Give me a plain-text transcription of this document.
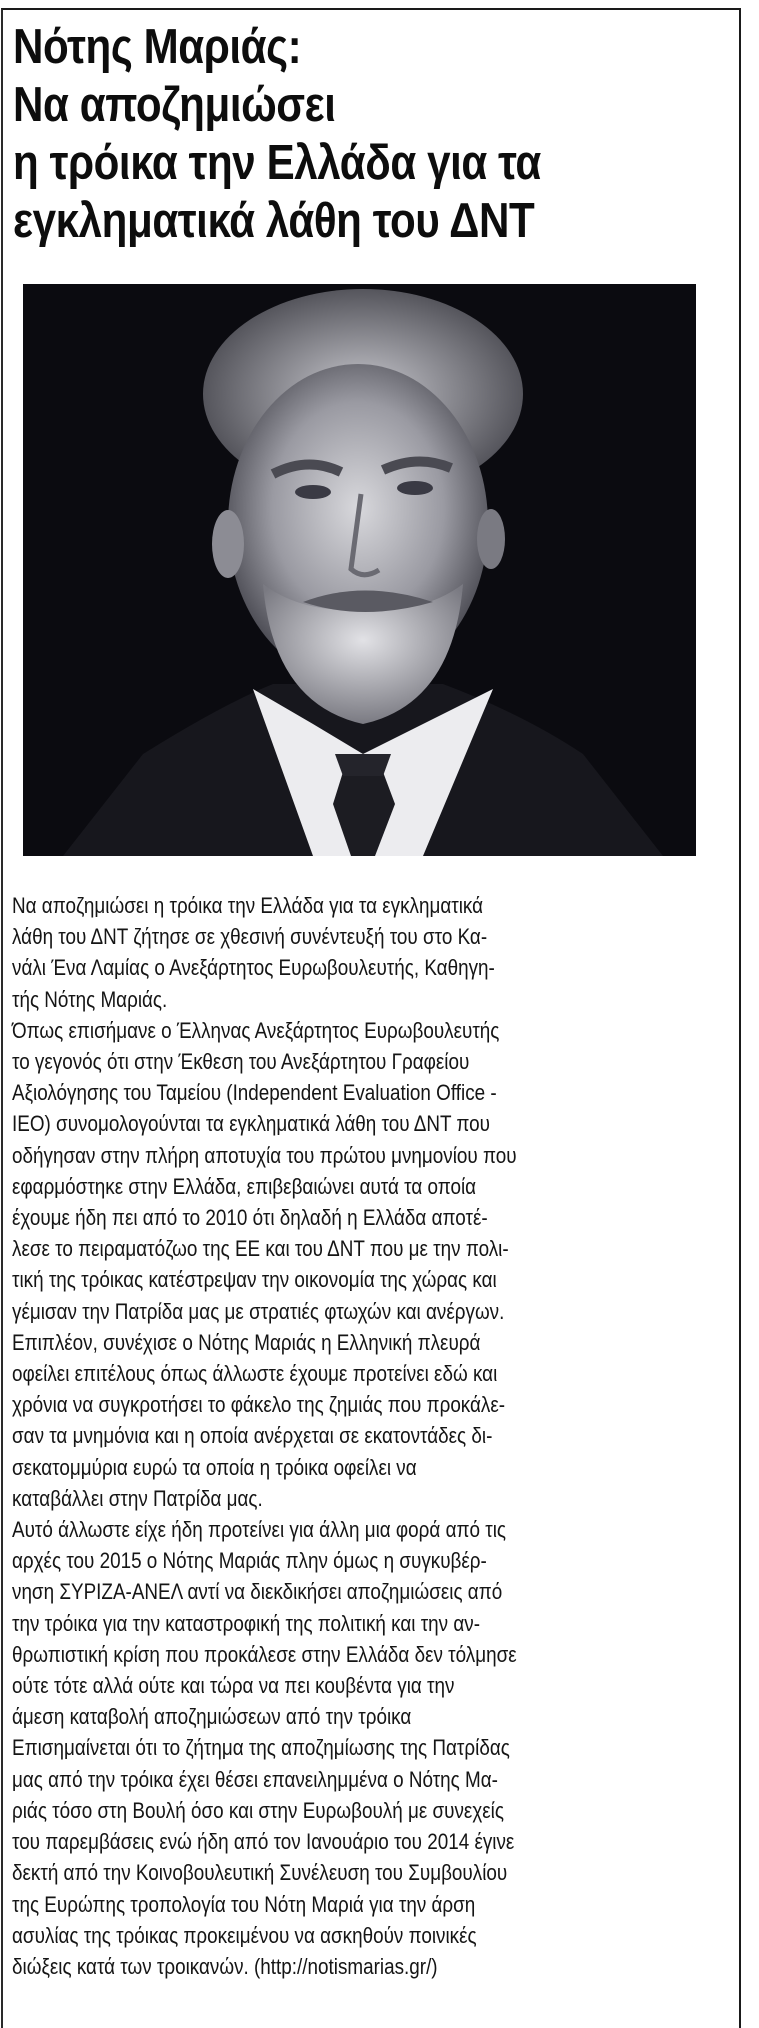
Νότης Μαριάς:
Να αποζημιώσει
η τρόικα την Ελλάδα για τα
εγκληματικά λάθη του ΔΝΤ
Να αποζημιώσει η τρόικα την Ελλάδα για τα εγκληματικά
λάθη του ΔΝΤ ζήτησε σε χθεσινή συνέντευξή του στο Κα-
νάλι Ένα Λαμίας ο Ανεξάρτητος Ευρωβουλευτής, Καθηγη-
τής Νότης Μαριάς.
Όπως επισήμανε ο Έλληνας Ανεξάρτητος Ευρωβουλευτής
το γεγονός ότι στην Έκθεση του Ανεξάρτητου Γραφείου
Αξιολόγησης του Ταμείου (Independent Evaluation Office -
IEO) συνομολογούνται τα εγκληματικά λάθη του ΔΝΤ που
οδήγησαν στην πλήρη αποτυχία του πρώτου μνημονίου που
εφαρμόστηκε στην Ελλάδα, επιβεβαιώνει αυτά τα οποία
έχουμε ήδη πει από το 2010 ότι δηλαδή η Ελλάδα αποτέ-
λεσε το πειραματόζωο της ΕΕ και του ΔΝΤ που με την πολι-
τική της τρόικας κατέστρεψαν την οικονομία της χώρας και
γέμισαν την Πατρίδα μας με στρατιές φτωχών και ανέργων.
Επιπλέον, συνέχισε ο Νότης Μαριάς η Ελληνική πλευρά
οφείλει επιτέλους όπως άλλωστε έχουμε προτείνει εδώ και
χρόνια να συγκροτήσει το φάκελο της ζημιάς που προκάλε-
σαν τα μνημόνια και η οποία ανέρχεται σε εκατοντάδες δι-
σεκατομμύρια ευρώ τα οποία η τρόικα οφείλει να
καταβάλλει στην Πατρίδα μας.
Αυτό άλλωστε είχε ήδη προτείνει για άλλη μια φορά από τις
αρχές του 2015 ο Νότης Μαριάς πλην όμως η συγκυβέρ-
νηση ΣΥΡΙΖΑ-ΑΝΕΛ αντί να διεκδικήσει αποζημιώσεις από
την τρόικα για την καταστροφική της πολιτική και την αν-
θρωπιστική κρίση που προκάλεσε στην Ελλάδα δεν τόλμησε
ούτε τότε αλλά ούτε και τώρα να πει κουβέντα για την
άμεση καταβολή αποζημιώσεων από την τρόικα
Επισημαίνεται ότι το ζήτημα της αποζημίωσης της Πατρίδας
μας από την τρόικα έχει θέσει επανειλημμένα ο Νότης Μα-
ριάς τόσο στη Βουλή όσο και στην Ευρωβουλή με συνεχείς
του παρεμβάσεις ενώ ήδη από τον Ιανουάριο του 2014 έγινε
δεκτή από την Κοινοβουλευτική Συνέλευση του Συμβουλίου
της Ευρώπης τροπολογία του Νότη Μαριά για την άρση
ασυλίας της τρόικας προκειμένου να ασκηθούν ποινικές
διώξεις κατά των τροικανών. (http://notismarias.gr/)
